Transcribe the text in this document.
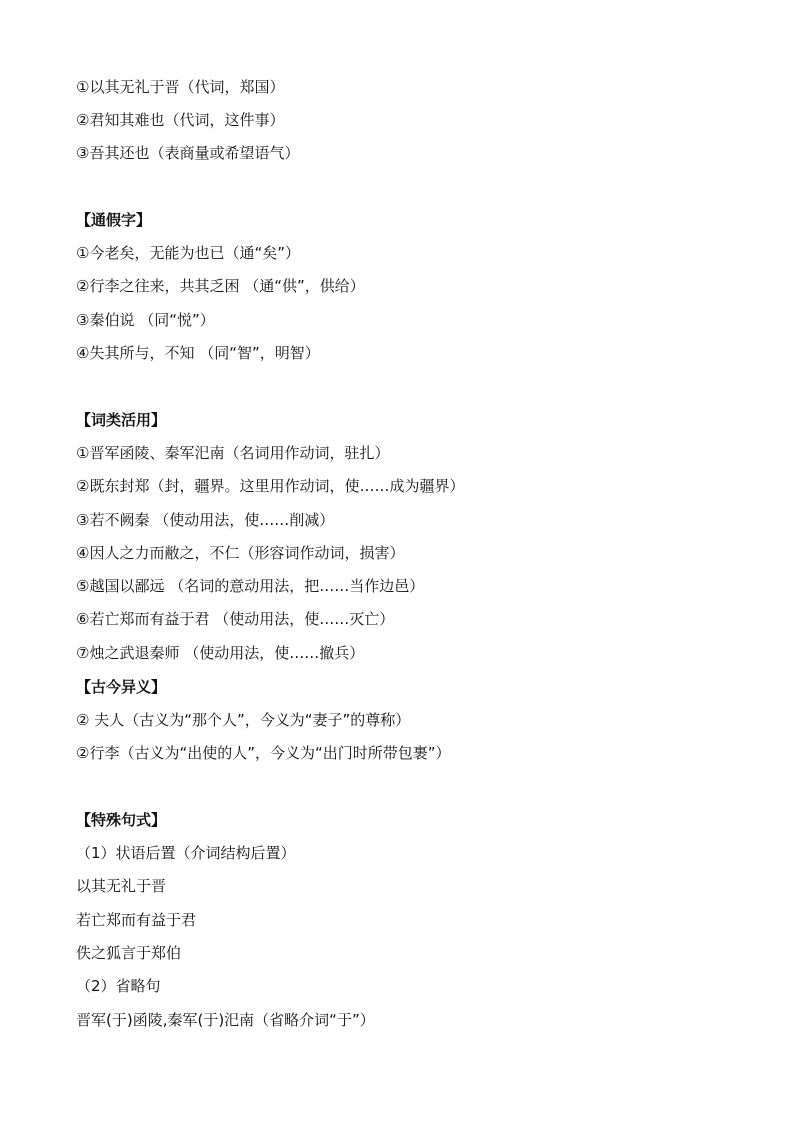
①以其无礼于晋（代词，郑国）
②君知其难也（代词，这件事）
③吾其还也（表商量或希望语气）
【通假字】
①今老矣，无能为也已（通“矣”）
②行李之往来，共其乏困 （通“供”，供给）
③秦伯说 （同“悦”）
④失其所与，不知 （同“智”，明智）
【词类活用】
①晋军函陵、秦军汜南（名词用作动词，驻扎）
②既东封郑（封，疆界。这里用作动词，使……成为疆界）
③若不阙秦 （使动用法，使……削减）
④因人之力而敝之，不仁（形容词作动词，损害）
⑤越国以鄙远 （名词的意动用法，把……当作边邑）
⑥若亡郑而有益于君 （使动用法，使……灭亡）
⑦烛之武退秦师 （使动用法，使……撤兵）
【古今异义】
② 夫人（古义为“那个人”，今义为“妻子”的尊称）
②行李（古义为“出使的人”，今义为“出门时所带包裹”）
【特殊句式】
（1）状语后置（介词结构后置）
以其无礼于晋
若亡郑而有益于君
佚之狐言于郑伯
（2）省略句
晋军(于)函陵,秦军(于)汜南（省略介词“于”）
